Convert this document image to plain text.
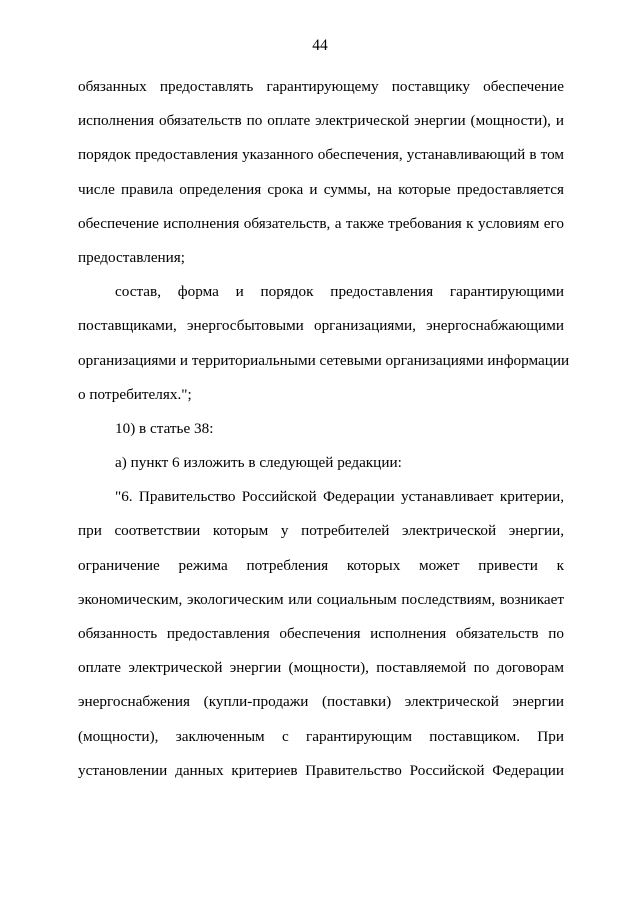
44
обязанных предоставлять гарантирующему поставщику обеспечение
исполнения обязательств по оплате электрической энергии (мощности), и
порядок предоставления указанного обеспечения, устанавливающий в том
числе правила определения срока и суммы, на которые предоставляется
обеспечение исполнения обязательств, а также требования к условиям его
предоставления;
состав, форма и порядок предоставления гарантирующими
поставщиками, энергосбытовыми организациями, энергоснабжающими
организациями и территориальными сетевыми организациями информации
о потребителях.";
10) в статье 38:
а) пункт 6 изложить в следующей редакции:
"6. Правительство Российской Федерации устанавливает критерии,
при соответствии которым у потребителей электрической энергии,
ограничение режима потребления которых может привести к
экономическим, экологическим или социальным последствиям, возникает
обязанность предоставления обеспечения исполнения обязательств по
оплате электрической энергии (мощности), поставляемой по договорам
энергоснабжения (купли-продажи (поставки) электрической энергии
(мощности), заключенным с гарантирующим поставщиком. При
установлении данных критериев Правительство Российской Федерации
